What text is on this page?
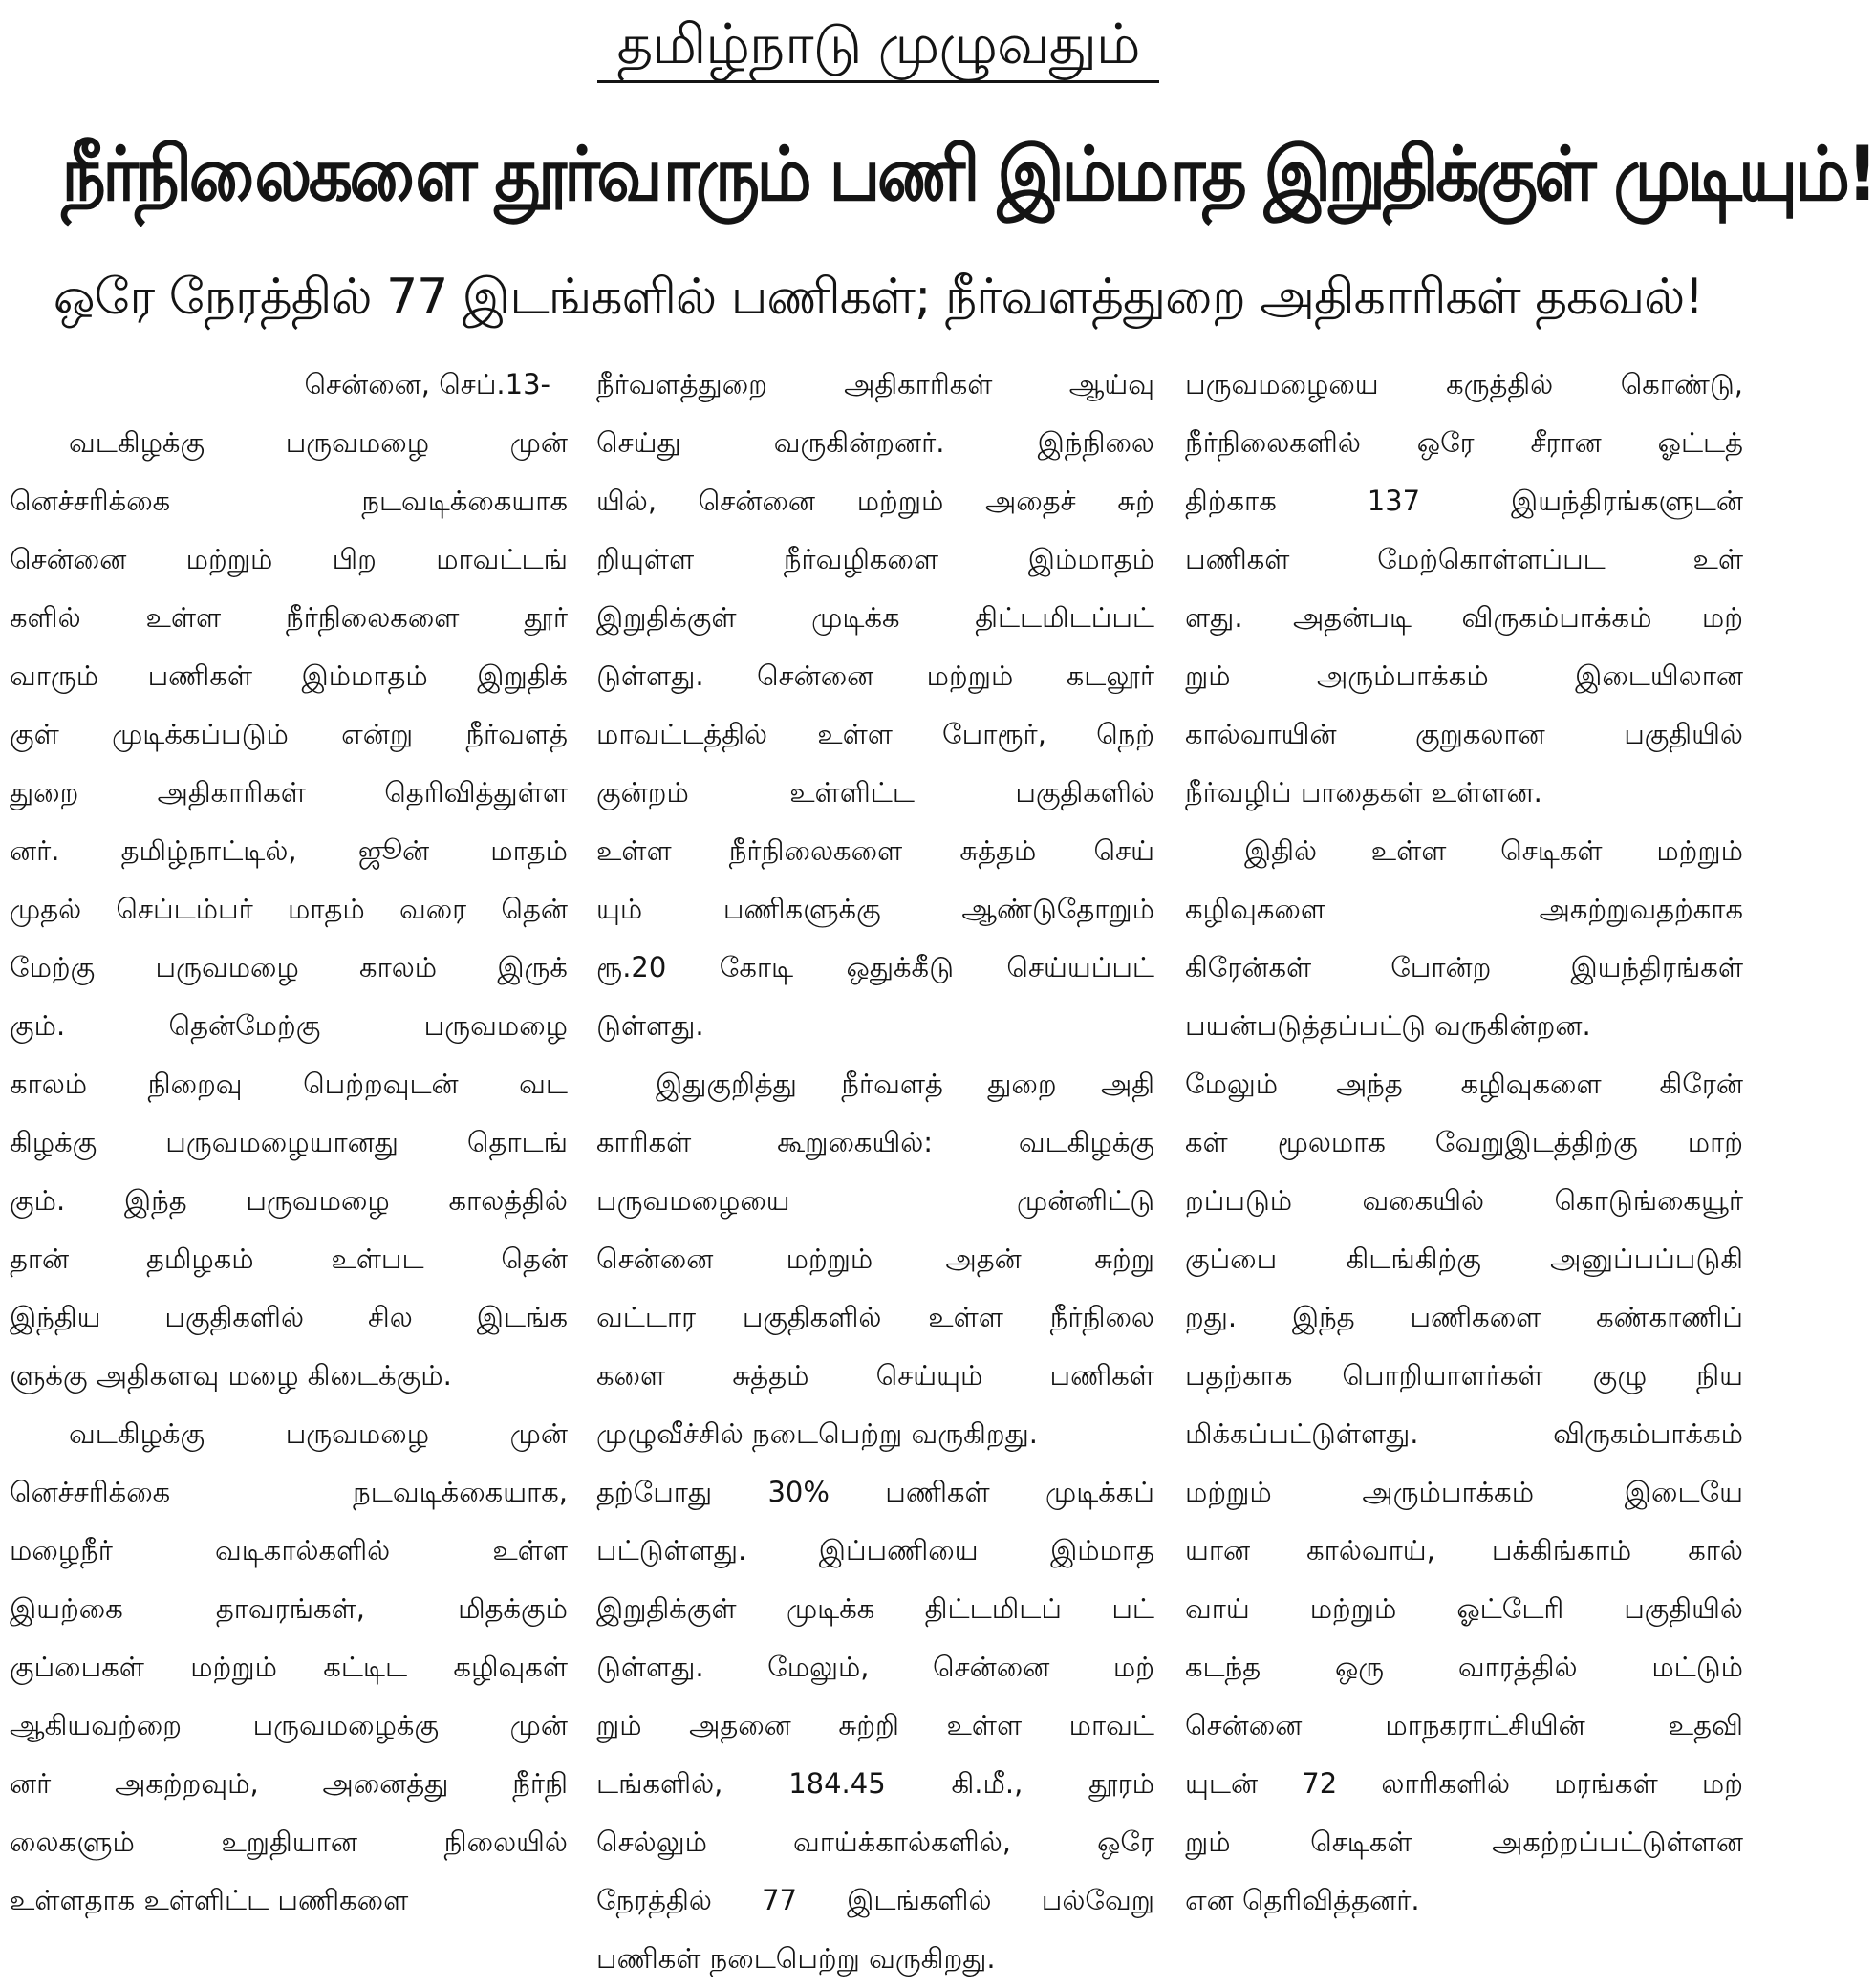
தமிழ்நாடு முழுவதும்
நீர்நிலைகளை தூர்வாரும் பணி இம்மாத இறுதிக்குள் முடியும்!
ஒரே நேரத்தில் 77 இடங்களில் பணிகள்; நீர்வளத்துறை அதிகாரிகள் தகவல்!
சென்னை, செப்.13-
வடகிழக்கு பருவமழை முன்
னெச்சரிக்கை நடவடிக்கையாக
சென்னை மற்றும் பிற மாவட்டங்
களில் உள்ள நீர்நிலைகளை தூர்
வாரும் பணிகள் இம்மாதம் இறுதிக்
குள் முடிக்கப்படும் என்று நீர்வளத்
துறை அதிகாரிகள் தெரிவித்துள்ள
னர். தமிழ்நாட்டில், ஜூன் மாதம்
முதல் செப்டம்பர் மாதம் வரை தென்
மேற்கு பருவமழை காலம் இருக்
கும். தென்மேற்கு பருவமழை
காலம் நிறைவு பெற்றவுடன் வட
கிழக்கு பருவமழையானது தொடங்
கும். இந்த பருவமழை காலத்தில்
தான் தமிழகம் உள்பட தென்
இந்திய பகுதிகளில் சில இடங்க
ளுக்கு அதிகளவு மழை கிடைக்கும்.
வடகிழக்கு பருவமழை முன்
னெச்சரிக்கை நடவடிக்கையாக,
மழைநீர் வடிகால்களில் உள்ள
இயற்கை தாவரங்கள், மிதக்கும்
குப்பைகள் மற்றும் கட்டிட கழிவுகள்
ஆகியவற்றை பருவமழைக்கு முன்
னர் அகற்றவும், அனைத்து நீர்நி
லைகளும் உறுதியான நிலையில்
உள்ளதாக உள்ளிட்ட பணிகளை
நீர்வளத்துறை அதிகாரிகள் ஆய்வு
செய்து வருகின்றனர். இந்நிலை
யில், சென்னை மற்றும் அதைச் சுற்
றியுள்ள நீர்வழிகளை இம்மாதம்
இறுதிக்குள் முடிக்க திட்டமிடப்பட்
டுள்ளது. சென்னை மற்றும் கடலூர்
மாவட்டத்தில் உள்ள போரூர், நெற்
குன்றம் உள்ளிட்ட பகுதிகளில்
உள்ள நீர்நிலைகளை சுத்தம் செய்
யும் பணிகளுக்கு ஆண்டுதோறும்
ரூ.20 கோடி ஒதுக்கீடு செய்யப்பட்
டுள்ளது.
இதுகுறித்து நீர்வளத் துறை அதி
காரிகள் கூறுகையில்: வடகிழக்கு
பருவமழையை முன்னிட்டு
சென்னை மற்றும் அதன் சுற்று
வட்டார பகுதிகளில் உள்ள நீர்நிலை
களை சுத்தம் செய்யும் பணிகள்
முழுவீச்சில் நடைபெற்று வருகிறது.
தற்போது 30% பணிகள் முடிக்கப்
பட்டுள்ளது. இப்பணியை இம்மாத
இறுதிக்குள் முடிக்க திட்டமிடப் பட்
டுள்ளது. மேலும், சென்னை மற்
றும் அதனை சுற்றி உள்ள மாவட்
டங்களில், 184.45 கி.மீ., தூரம்
செல்லும் வாய்க்கால்களில், ஒரே
நேரத்தில் 77 இடங்களில் பல்வேறு
பணிகள் நடைபெற்று வருகிறது.
பருவமழையை கருத்தில் கொண்டு,
நீர்நிலைகளில் ஒரே சீரான ஓட்டத்
திற்காக 137 இயந்திரங்களுடன்
பணிகள் மேற்கொள்ளப்பட உள்
ளது. அதன்படி விருகம்பாக்கம் மற்
றும் அரும்பாக்கம் இடையிலான
கால்வாயின் குறுகலான பகுதியில்
நீர்வழிப் பாதைகள் உள்ளன.
இதில் உள்ள செடிகள் மற்றும்
கழிவுகளை அகற்றுவதற்காக
கிரேன்கள் போன்ற இயந்திரங்கள்
பயன்படுத்தப்பட்டு வருகின்றன.
மேலும் அந்த கழிவுகளை கிரேன்
கள் மூலமாக வேறுஇடத்திற்கு மாற்
றப்படும் வகையில் கொடுங்கையூர்
குப்பை கிடங்கிற்கு அனுப்பப்படுகி
றது. இந்த பணிகளை கண்காணிப்
பதற்காக பொறியாளர்கள் குழு நிய
மிக்கப்பட்டுள்ளது. விருகம்பாக்கம்
மற்றும் அரும்பாக்கம் இடையே
யான கால்வாய், பக்கிங்காம் கால்
வாய் மற்றும் ஓட்டேரி பகுதியில்
கடந்த ஒரு வாரத்தில் மட்டும்
சென்னை மாநகராட்சியின் உதவி
யுடன் 72 லாரிகளில் மரங்கள் மற்
றும் செடிகள் அகற்றப்பட்டுள்ளன
என தெரிவித்தனர்.
